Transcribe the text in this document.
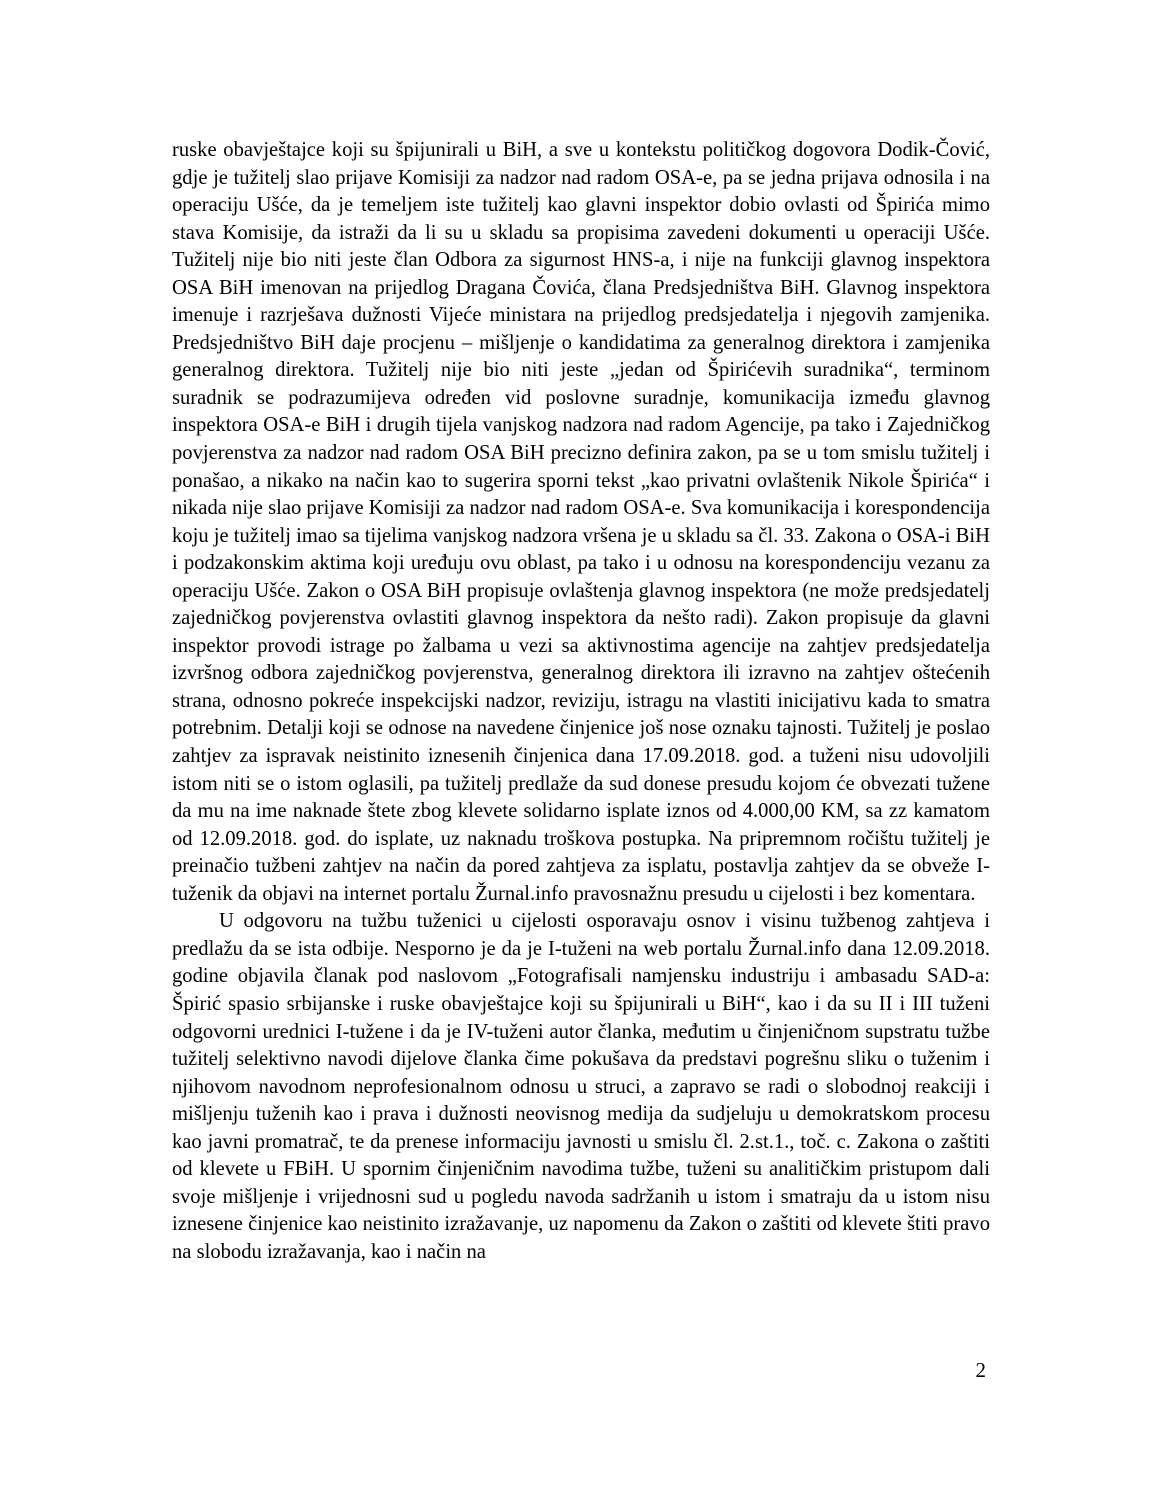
ruske obavještajce koji su špijunirali u BiH, a sve u kontekstu političkog dogovora Dodik-Čović, gdje je tužitelj slao prijave Komisiji za nadzor nad radom OSA-e, pa se jedna prijava odnosila i na operaciju Ušće, da je temeljem iste tužitelj kao glavni inspektor dobio ovlasti od Špirića mimo stava Komisije, da istraži da li su u skladu sa propisima zavedeni dokumenti u operaciji Ušće. Tužitelj nije bio niti jeste član Odbora za sigurnost HNS-a, i nije na funkciji glavnog inspektora OSA BiH imenovan na prijedlog Dragana Čovića, člana Predsjedništva BiH. Glavnog inspektora imenuje i razrješava dužnosti Vijeće ministara na prijedlog predsjedatelja i njegovih zamjenika. Predsjedništvo BiH daje procjenu – mišljenje o kandidatima za generalnog direktora i zamjenika generalnog direktora. Tužitelj nije bio niti jeste „jedan od Špirićevih suradnika“, terminom suradnik se podrazumijeva određen vid poslovne suradnje, komunikacija između glavnog inspektora OSA-e BiH i drugih tijela vanjskog nadzora nad radom Agencije, pa tako i Zajedničkog povjerenstva za nadzor nad radom OSA BiH precizno definira zakon, pa se u tom smislu tužitelj i ponašao, a nikako na način kao to sugerira sporni tekst „kao privatni ovlaštenik Nikole Špirića“ i nikada nije slao prijave Komisiji za nadzor nad radom OSA-e. Sva komunikacija i korespondencija koju je tužitelj imao sa tijelima vanjskog nadzora vršena je u skladu sa čl. 33. Zakona o OSA-i BiH i podzakonskim aktima koji uređuju ovu oblast, pa tako i u odnosu na korespondenciju vezanu za operaciju Ušće. Zakon o OSA BiH propisuje ovlaštenja glavnog inspektora (ne može predsjedatelj zajedničkog povjerenstva ovlastiti glavnog inspektora da nešto radi). Zakon propisuje da glavni inspektor provodi istrage po žalbama u vezi sa aktivnostima agencije na zahtjev predsjedatelja izvršnog odbora zajedničkog povjerenstva, generalnog direktora ili izravno na zahtjev oštećenih strana, odnosno pokreće inspekcijski nadzor, reviziju, istragu na vlastiti inicijativu kada to smatra potrebnim. Detalji koji se odnose na navedene činjenice još nose oznaku tajnosti. Tužitelj je poslao zahtjev za ispravak neistinito iznesenih činjenica dana 17.09.2018. god. a tuženi nisu udovoljili istom niti se o istom oglasili, pa tužitelj predlaže da sud donese presudu kojom će obvezati tužene da mu na ime naknade štete zbog klevete solidarno isplate iznos od 4.000,00 KM, sa zz kamatom od 12.09.2018. god. do isplate, uz naknadu troškova postupka. Na pripremnom ročištu tužitelj je preinačio tužbeni zahtjev na način da pored zahtjeva za isplatu, postavlja zahtjev da se obveže I-tuženik da objavi na internet portalu Žurnal.info pravosnažnu presudu u cijelosti i bez komentara.

U odgovoru na tužbu tuženici u cijelosti osporavaju osnov i visinu tužbenog zahtjeva i predlažu da se ista odbije. Nesporno je da je I-tuženi na web portalu Žurnal.info dana 12.09.2018. godine objavila članak pod naslovom „Fotografisali namjensku industriju i ambasadu SAD-a: Špirić spasio srbijanske i ruske obavještajce koji su špijunirali u BiH“, kao i da su II i III tuženi odgovorni urednici I-tužene i da je IV-tuženi autor članka, međutim u činjeničnom supstratu tužbe tužitelj selektivno navodi dijelove članka čime pokušava da predstavi pogrešnu sliku o tuženim i njihovom navodnom neprofesionalnom odnosu u struci, a zapravo se radi o slobodnoj reakciji i mišljenju tuženih kao i prava i dužnosti neovisnog medija da sudjeluju u demokratskom procesu kao javni promatrač, te da prenese informaciju javnosti u smislu čl. 2.st.1., toč. c. Zakona o zaštiti od klevete u FBiH. U spornim činjeničnim navodima tužbe, tuženi su analitičkim pristupom dali svoje mišljenje i vrijednosni sud u pogledu navoda sadržanih u istom i smatraju da u istom nisu iznesene činjenice kao neistinito izražavanje, uz napomenu da Zakon o zaštiti od klevete štiti pravo na slobodu izražavanja, kao i način na

2
